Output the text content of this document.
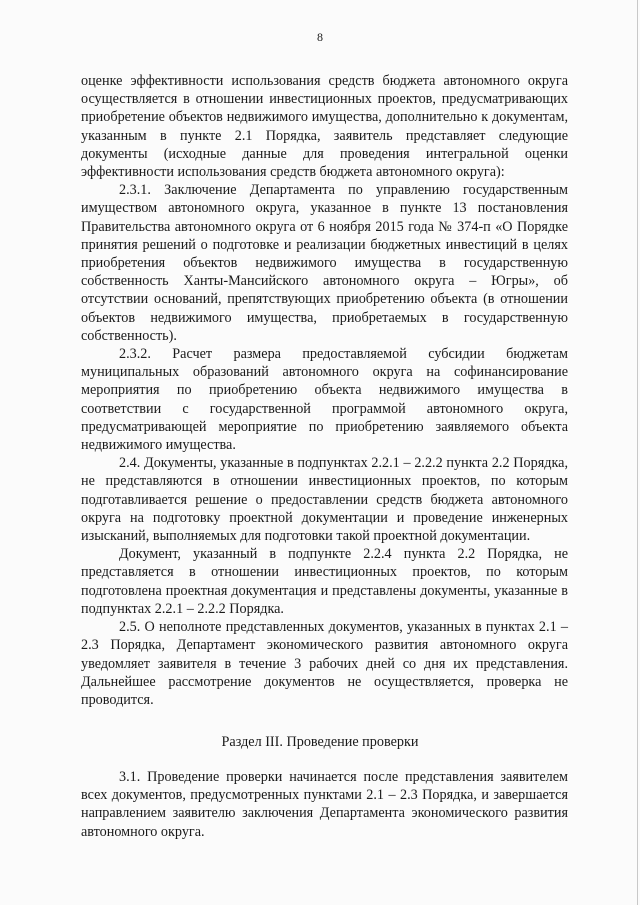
8

оценке эффективности использования средств бюджета автономного округа осуществляется в отношении инвестиционных проектов, предусматривающих приобретение объектов недвижимого имущества, дополнительно к документам, указанным в пункте 2.1 Порядка, заявитель представляет следующие документы (исходные данные для проведения интегральной оценки эффективности использования средств бюджета автономного округа):

2.3.1. Заключение Департамента по управлению государственным имуществом автономного округа, указанное в пункте 13 постановления Правительства автономного округа от 6 ноября 2015 года № 374-п «О Порядке принятия решений о подготовке и реализации бюджетных инвестиций в целях приобретения объектов недвижимого имущества в государственную собственность Ханты-Мансийского автономного округа – Югры», об отсутствии оснований, препятствующих приобретению объекта (в отношении объектов недвижимого имущества, приобретаемых в государственную собственность).

2.3.2. Расчет размера предоставляемой субсидии бюджетам муниципальных образований автономного округа на софинансирование мероприятия по приобретению объекта недвижимого имущества в соответствии с государственной программой автономного округа, предусматривающей мероприятие по приобретению заявляемого объекта недвижимого имущества.

2.4. Документы, указанные в подпунктах 2.2.1 – 2.2.2 пункта 2.2 Порядка, не представляются в отношении инвестиционных проектов, по которым подготавливается решение о предоставлении средств бюджета автономного округа на подготовку проектной документации и проведение инженерных изысканий, выполняемых для подготовки такой проектной документации.

Документ, указанный в подпункте 2.2.4 пункта 2.2 Порядка, не представляется в отношении инвестиционных проектов, по которым подготовлена проектная документация и представлены документы, указанные в подпунктах 2.2.1 – 2.2.2 Порядка.

2.5. О неполноте представленных документов, указанных в пунктах 2.1 – 2.3 Порядка, Департамент экономического развития автономного округа уведомляет заявителя в течение 3 рабочих дней со дня их представления. Дальнейшее рассмотрение документов не осуществляется, проверка не проводится.

Раздел III. Проведение проверки

3.1. Проведение проверки начинается после представления заявителем всех документов, предусмотренных пунктами 2.1 – 2.3 Порядка, и завершается направлением заявителю заключения Департамента экономического развития автономного округа.
